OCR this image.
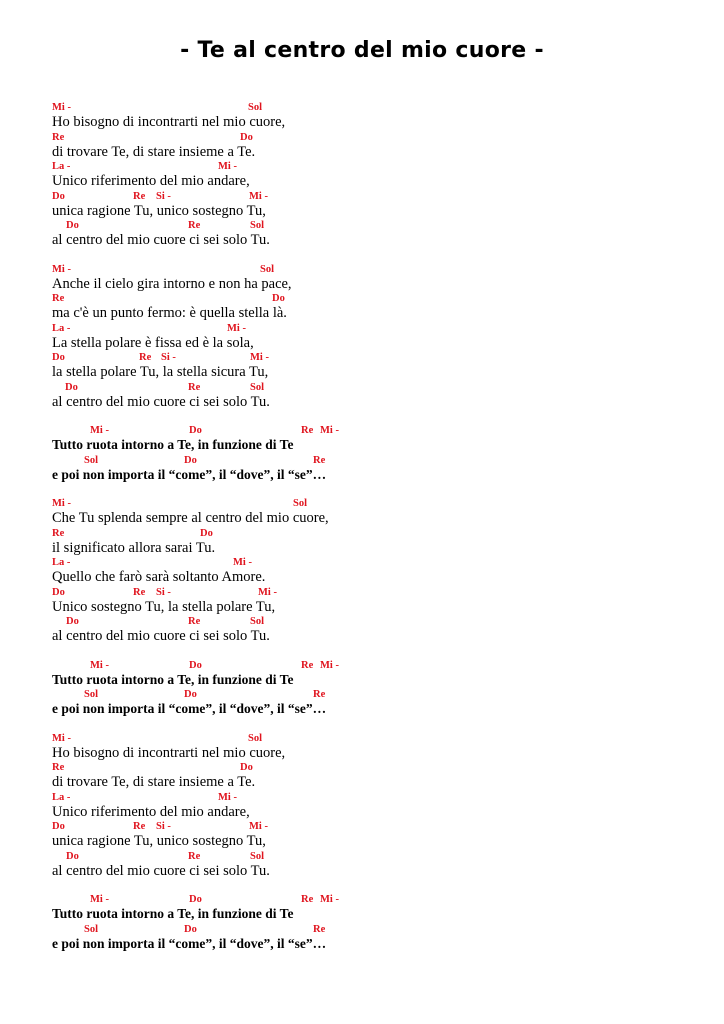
- Te al centro del mio cuore -
Mi -	Sol
Ho bisogno di incontrarti nel mio cuore,
Re	Do
di trovare Te, di stare insieme a Te.
La -	Mi -
Unico riferimento del mio andare,
Do	Re Si -	Mi -
unica ragione Tu, unico sostegno Tu,
Do	Re	Sol
al centro del mio cuore ci sei solo Tu.
Mi -	Sol
Anche il cielo gira intorno e non ha pace,
Re	Do
ma c'è un punto fermo: è quella stella là.
La -	Mi -
La stella polare è fissa ed è la sola,
Do	Re Si -	Mi -
la stella polare Tu, la stella sicura Tu,
Do	Re	Sol
al centro del mio cuore ci sei solo Tu.
Mi -	Do	Re Mi -
Tutto ruota intorno a Te, in funzione di Te
Sol	Do	Re
e poi non importa il “come”, il “dove”, il “se”…
Mi -	Sol
Che Tu splenda sempre al centro del mio cuore,
Re	Do
il significato allora sarai Tu.
La -	Mi -
Quello che farò sarà soltanto Amore.
Do	Re Si -	Mi -
Unico sostegno Tu, la stella polare Tu,
Do	Re	Sol
al centro del mio cuore ci sei solo Tu.
Mi -	Do	Re Mi -
Tutto ruota intorno a Te, in funzione di Te
Sol	Do	Re
e poi non importa il “come”, il “dove”, il “se”…
Mi -	Sol
Ho bisogno di incontrarti nel mio cuore,
Re	Do
di trovare Te, di stare insieme a Te.
La -	Mi -
Unico riferimento del mio andare,
Do	Re Si -	Mi -
unica ragione Tu, unico sostegno Tu,
Do	Re	Sol
al centro del mio cuore ci sei solo Tu.
Mi -	Do	Re Mi -
Tutto ruota intorno a Te, in funzione di Te
Sol	Do	Re
e poi non importa il “come”, il “dove”, il “se”…
